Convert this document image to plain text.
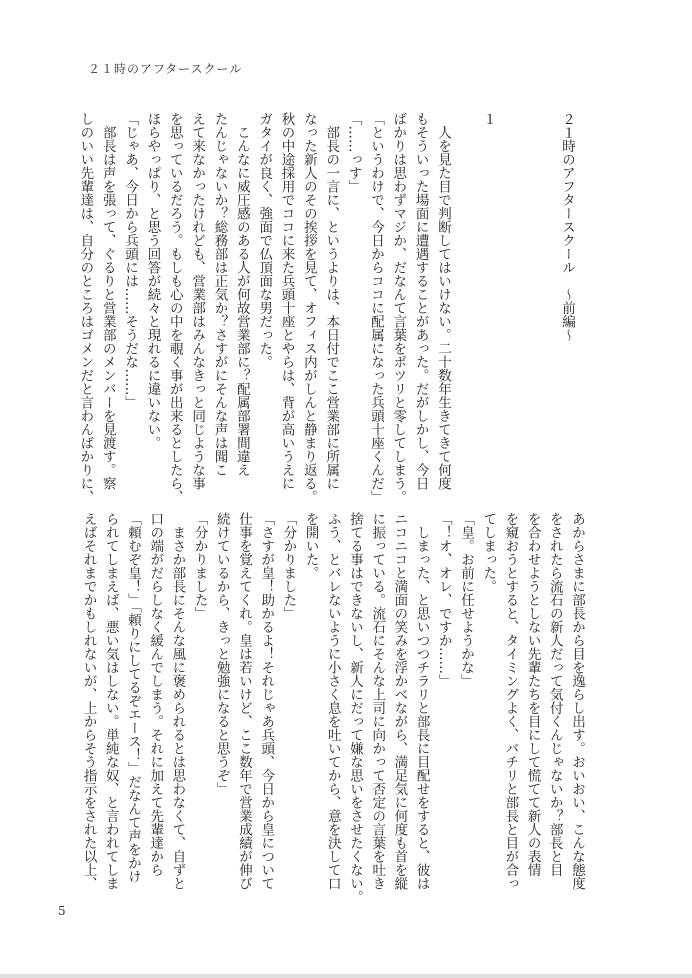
２１時のアフタースクール
２１時のアフタースクール　～前編～
１
　人を見た目で判断してはいけない。二十数年生きてきて何度
もそういった場面に遭遇することがあった。だがしかし、今日
ばかりは思わずマジか、だなんて言葉をポツリと零してしまう。
「というわけで、今日からココに配属になった兵頭十座くんだ」
「……っす」
　部長の一言に、というよりは、本日付でここ営業部に所属に
なった新人のその挨拶を見て、オフィス内がしんと静まり返る。
秋の中途採用でココに来た兵頭十座とやらは、背が高いうえに
ガタイが良く、強面で仏頂面な男だった。
　こんなに威圧感のある人が何故営業部に？配属部署間違え
たんじゃないか？総務部は正気か？さすがにそんな声は聞こ
えて来なかったけれども、営業部はみんなきっと同じような事
を思っているだろう。もしも心の中を覗く事が出来るとしたら、
ほらやっぱり、と思う回答が続々と現れるに違いない。
「じゃあ、今日から兵頭には……そうだな……」
　部長は声を張って、ぐるりと営業部のメンバーを見渡す。察
しのいい先輩達は、自分のところはゴメンだと言わんばかりに、
あからさまに部長から目を逸らし出す。おいおい、こんな態度
をされたら流石の新人だって気付くんじゃないか？部長と目
を合わせようとしない先輩たちを目にして慌てて新人の表情
を窺おうとすると、タイミングよく、バチリと部長と目が合っ
てしまった。
「皇。お前に任せようかな」
「！オ、オレ、ですか……」
　しまった、と思いつつチラリと部長に目配せをすると、彼は
ニコニコと満面の笑みを浮かべながら、満足気に何度も首を縦
に振っている。流石にそんな上司に向かって否定の言葉を吐き
捨てる事はできないし、新人にだって嫌な思いをさせたくない。
ふう、とバレないように小さく息を吐いてから、意を決して口
を開いた。
「分かりました」
「さすが皇！助かるよ！それじゃあ兵頭、今日から皇について
仕事を覚えてくれ。皇は若いけど、ここ数年で営業成績が伸び
続けているから、きっと勉強になると思うぞ」
「分かりました」
　まさか部長にそんな風に褒められるとは思わなくて、自ずと
口の端がだらしなく緩んでしまう。それに加えて先輩達から
「頼むぞ皇！」「頼りにしてるぞエース！」だなんて声をかけ
られてしまえば、悪い気はしない。単純な奴、と言われてしま
えばそれまでかもしれないが、上からそう指示をされた以上、
5
